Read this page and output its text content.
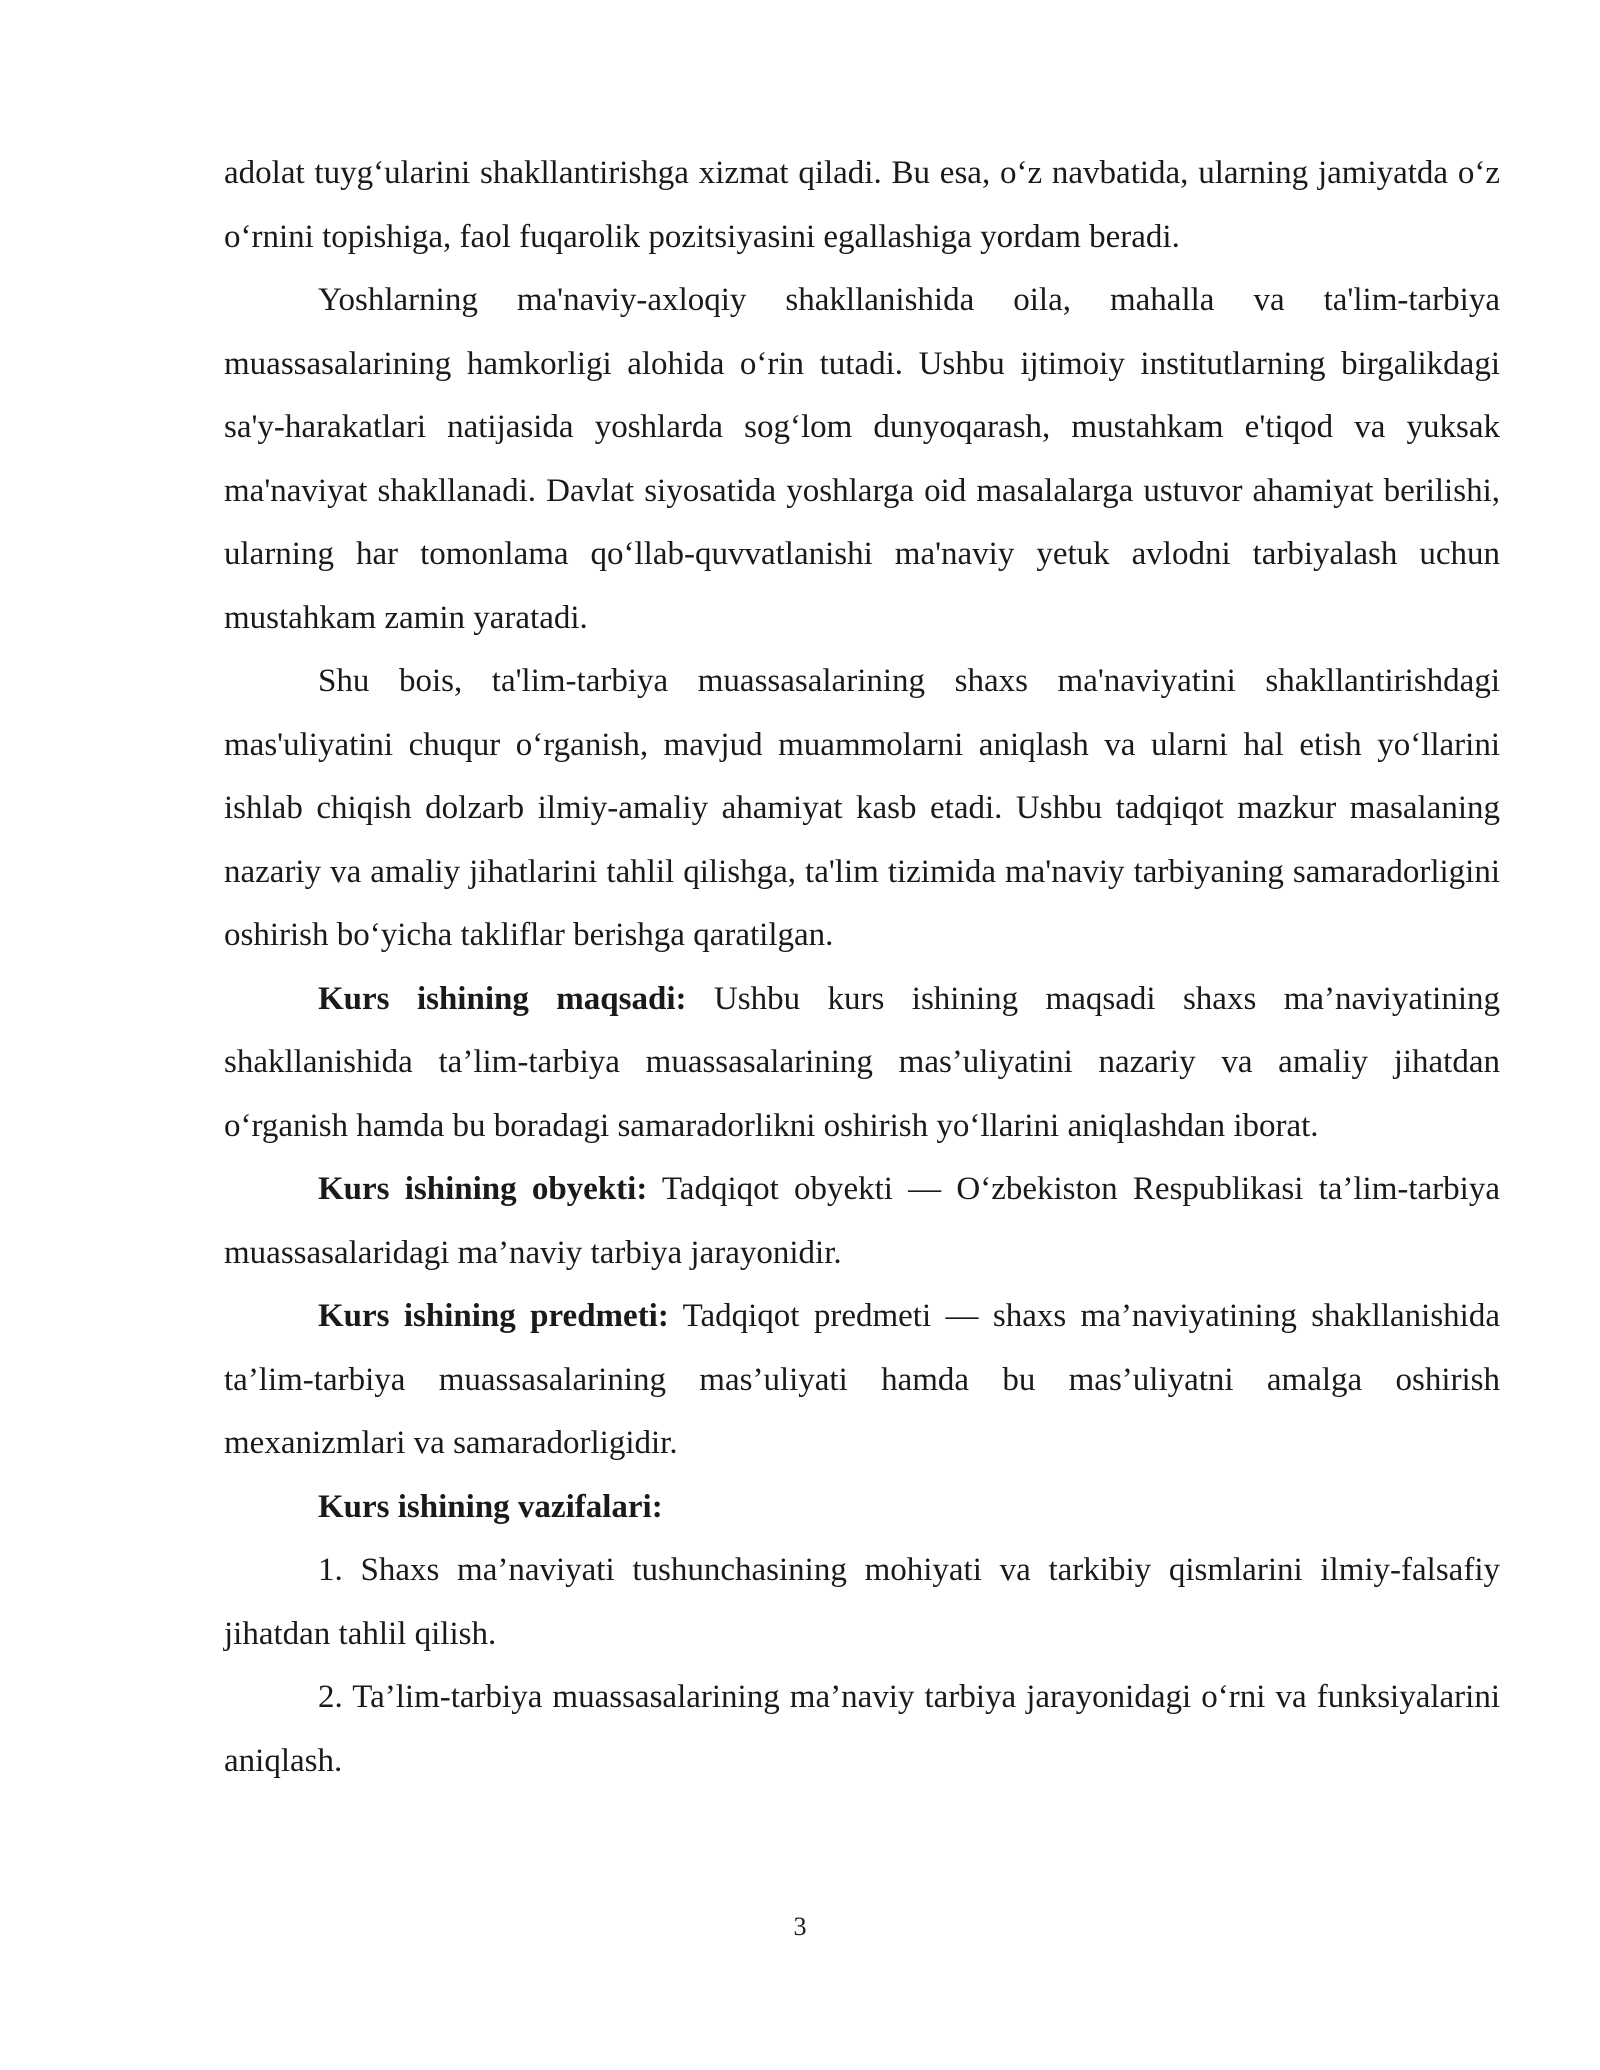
adolat tuyg‘ularini shakllantirishga xizmat qiladi. Bu esa, o‘z navbatida, ularning jamiyatda o‘z o‘rnini topishiga, faol fuqarolik pozitsiyasini egallashiga yordam beradi.

Yoshlarning ma'naviy-axloqiy shakllanishida oila, mahalla va ta'lim-tarbiya muassasalarining hamkorligi alohida o‘rin tutadi. Ushbu ijtimoiy institutlarning birgalikdagi sa'y-harakatlari natijasida yoshlarda sog‘lom dunyoqarash, mustahkam e'tiqod va yuksak ma'naviyat shakllanadi. Davlat siyosatida yoshlarga oid masalalarga ustuvor ahamiyat berilishi, ularning har tomonlama qo‘llab-quvvatlanishi ma'naviy yetuk avlodni tarbiyalash uchun mustahkam zamin yaratadi.

Shu bois, ta'lim-tarbiya muassasalarining shaxs ma'naviyatini shakllantirishdagi mas'uliyatini chuqur o‘rganish, mavjud muammolarni aniqlash va ularni hal etish yo‘llarini ishlab chiqish dolzarb ilmiy-amaliy ahamiyat kasb etadi. Ushbu tadqiqot mazkur masalaning nazariy va amaliy jihatlarini tahlil qilishga, ta'lim tizimida ma'naviy tarbiyaning samaradorligini oshirish bo‘yicha takliflar berishga qaratilgan.

Kurs ishining maqsadi: Ushbu kurs ishining maqsadi shaxs ma’naviyatining shakllanishida ta’lim-tarbiya muassasalarining mas’uliyatini nazariy va amaliy jihatdan o‘rganish hamda bu boradagi samaradorlikni oshirish yo‘llarini aniqlashdan iborat.

Kurs ishining obyekti: Tadqiqot obyekti — O‘zbekiston Respublikasi ta’lim-tarbiya muassasalaridagi ma’naviy tarbiya jarayonidir.

Kurs ishining predmeti: Tadqiqot predmeti — shaxs ma’naviyatining shakllanishida ta’lim-tarbiya muassasalarining mas’uliyati hamda bu mas’uliyatni amalga oshirish mexanizmlari va samaradorligidir.

Kurs ishining vazifalari:

1. Shaxs ma’naviyati tushunchasining mohiyati va tarkibiy qismlarini ilmiy-falsafiy jihatdan tahlil qilish.

2. Ta’lim-tarbiya muassasalarining ma’naviy tarbiya jarayonidagi o‘rni va funksiyalarini aniqlash.

3
